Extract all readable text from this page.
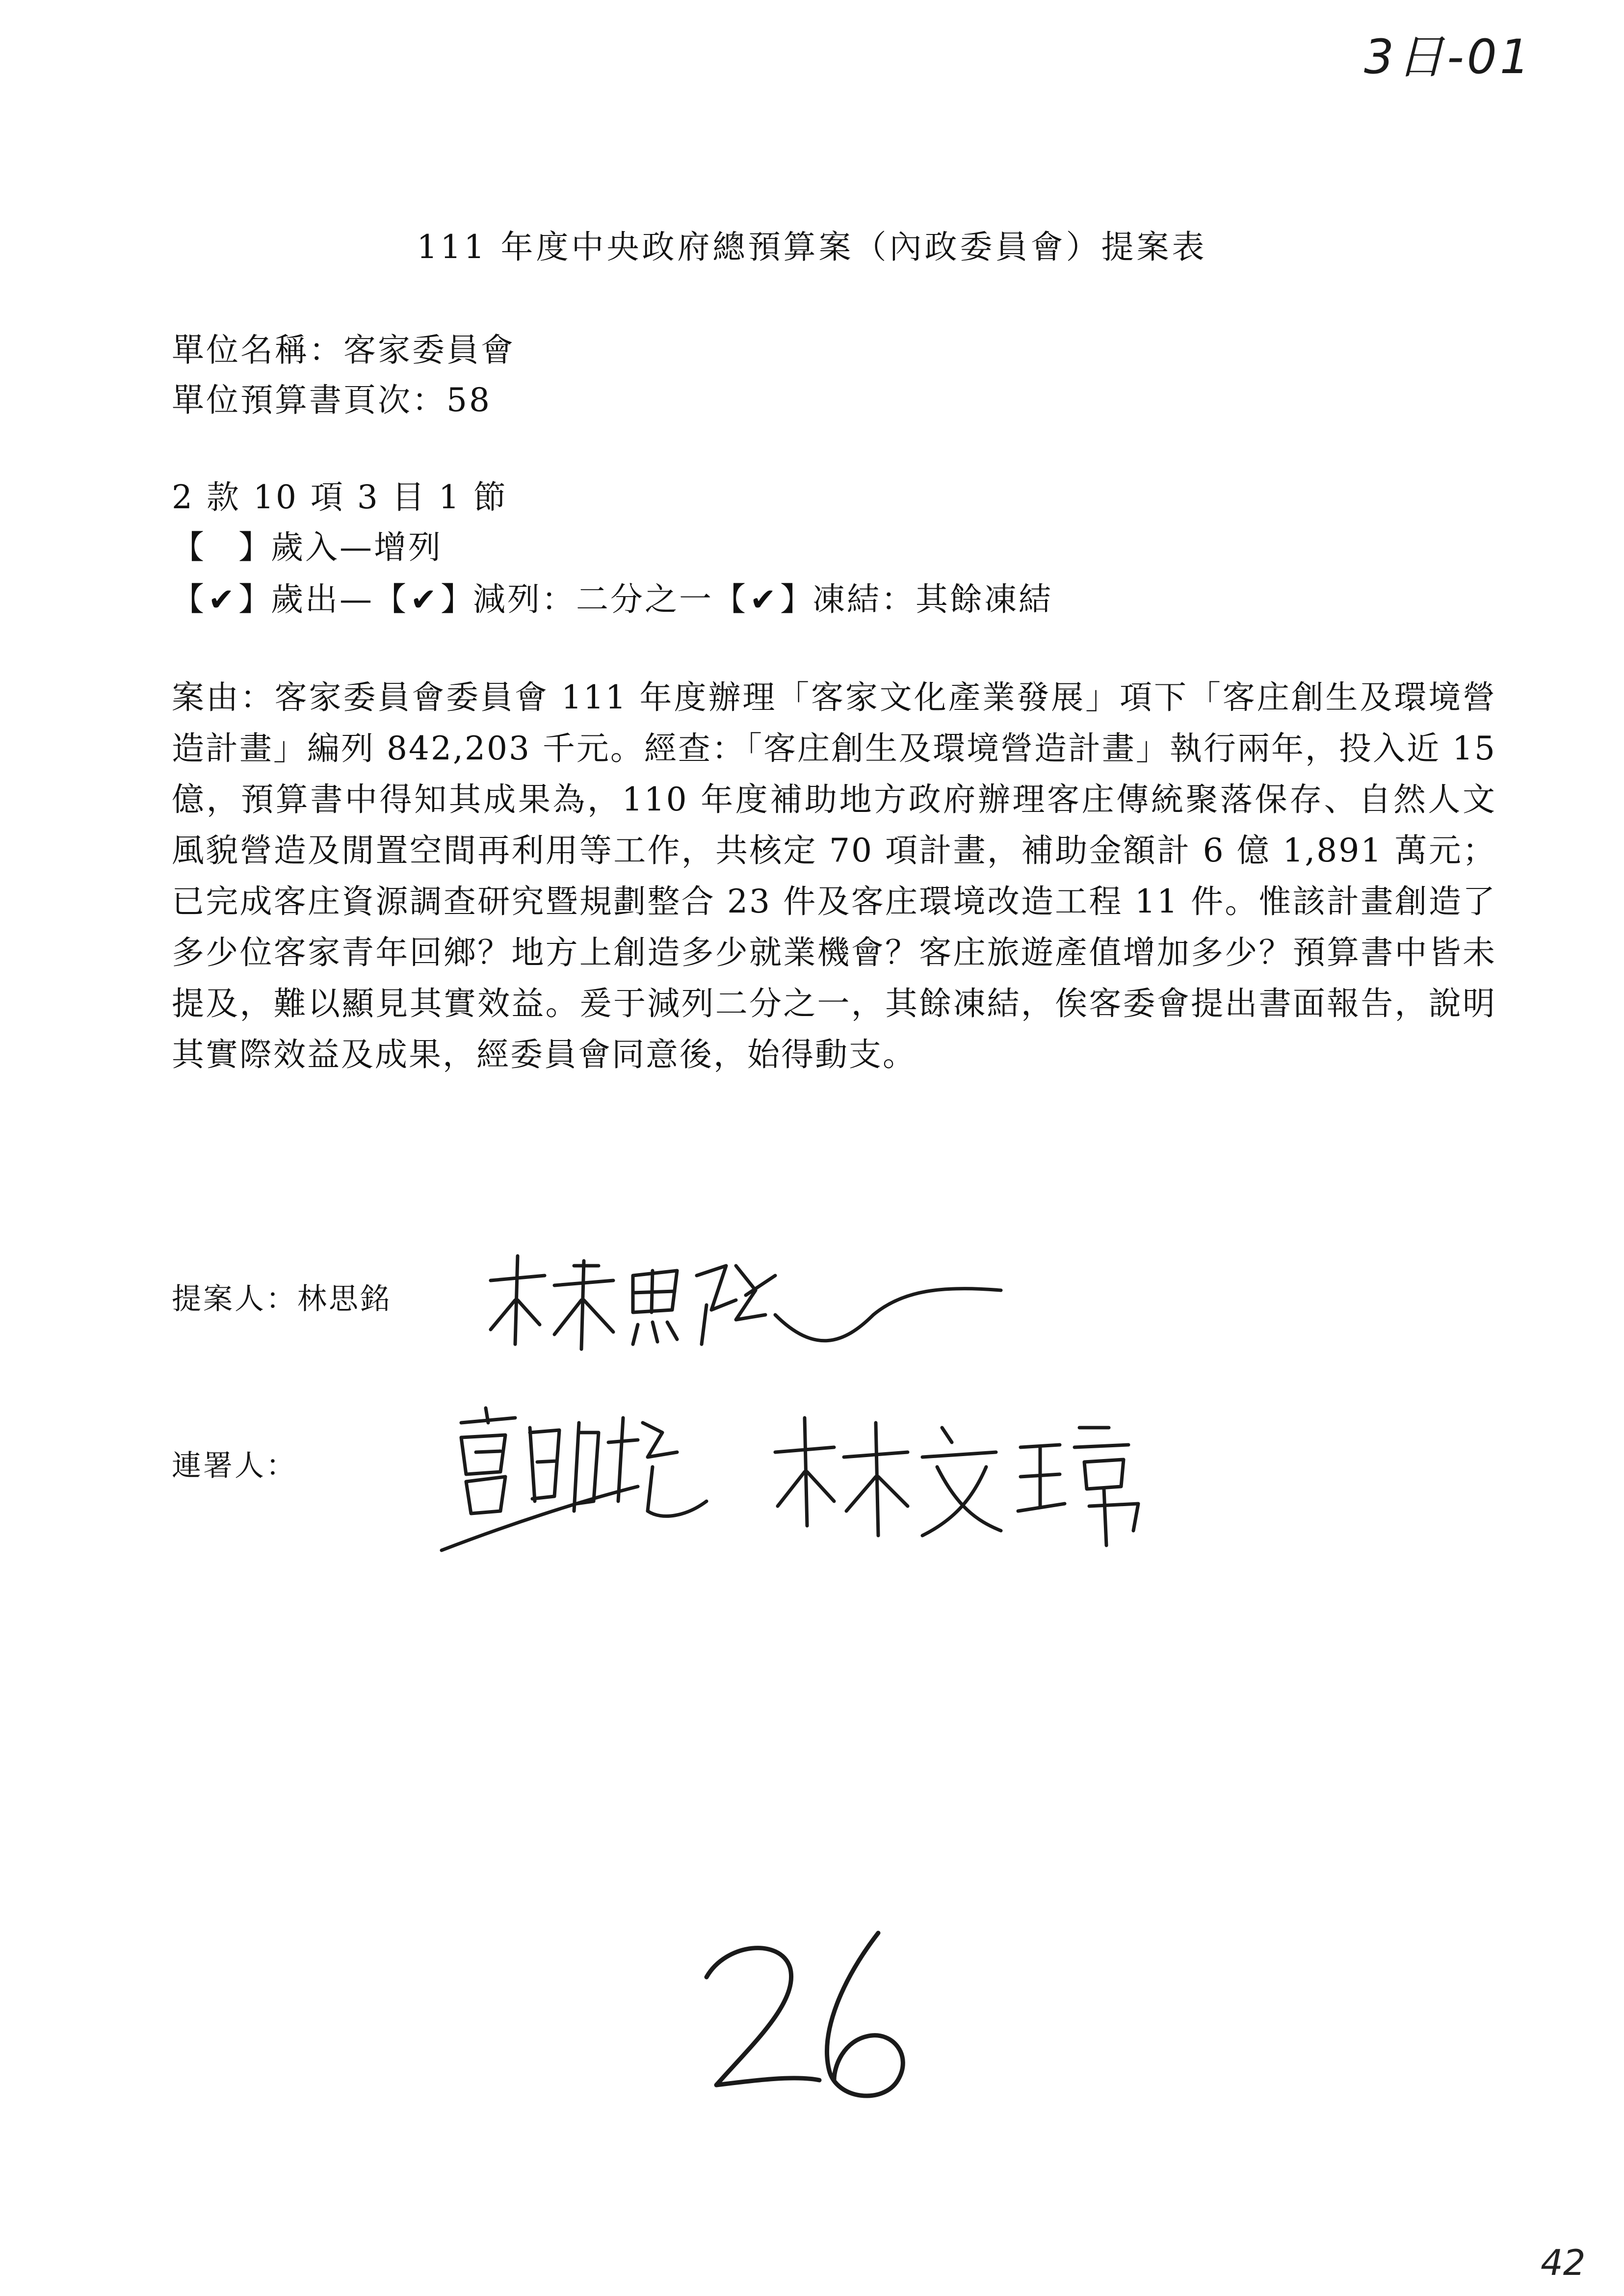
3日-01
111 年度中央政府總預算案（內政委員會）提案表
單位名稱：客家委員會
單位預算書頁次：58
2 款 10 項 3 目 1 節
【 】歲入—增列
【 ✔ 】歲出—【 ✔ 】減列：二分之一【 ✔ 】凍結：其餘凍結
案由：客家委員會委員會 111 年度辦理「客家文化產業發展」項下「客庄創生及環境營造計畫」編列 842,203 千元。經查：「客庄創生及環境營造計畫」執行兩年，投入近 15 億，預算書中得知其成果為，110 年度補助地方政府辦理客庄傳統聚落保存、自然人文風貌營造及閒置空間再利用等工作，共核定 70 項計畫，補助金額計 6 億 1,891 萬元；已完成客庄資源調查研究暨規劃整合 23 件及客庄環境改造工程 11 件。惟該計畫創造了多少位客家青年回鄉？地方上創造多少就業機會？客庄旅遊產值增加多少？預算書中皆未提及，難以顯見其實效益。爰于減列二分之一，其餘凍結，俟客委會提出書面報告，說明其實際效益及成果，經委員會同意後，始得動支。
提案人：林思銘
連署人：
42
